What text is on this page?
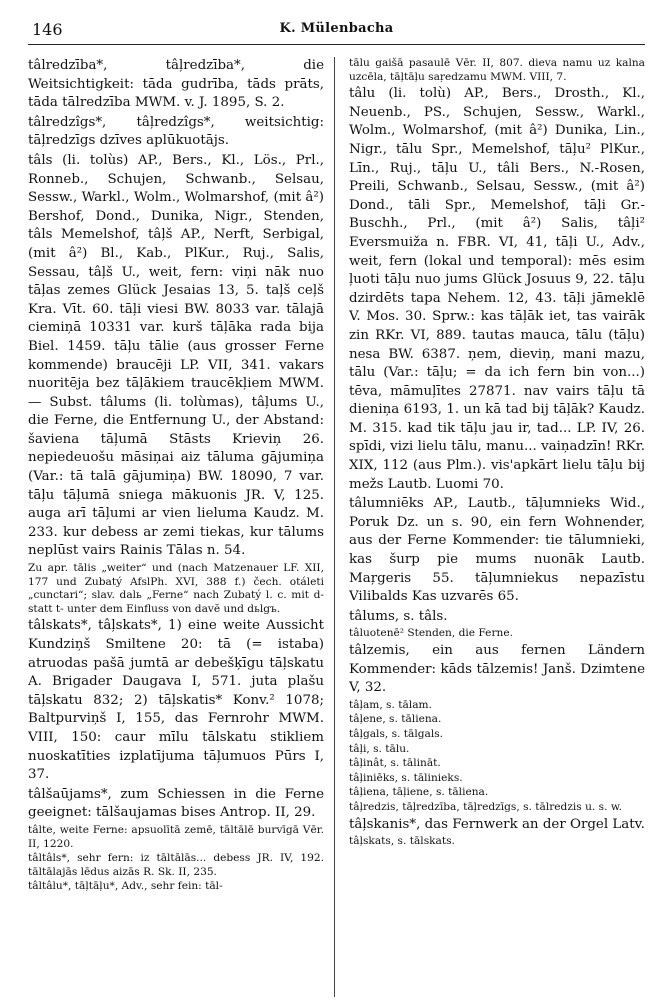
146	K. Mülenbacha

tâlredzība*, tâļredzība*, die Weitsichtigkeit: tāda gudrība, tāds prāts, tāda tālredzība MWM. v. J. 1895, S. 2.

tâlredzîgs*, tâļredzîgs*, weitsichtig: tāļredzīgs dzīves aplūkuotājs.

tâls (li. tolùs) AP., Bers., Kl., Lös., Prl., Ronneb., Schujen, Schwanb., Selsau, Sessw., Warkl., Wolm., Wolmarshof, (mit â²) Bershof, Dond., Dunika, Nigr., Stenden, tâls Memelshof, tâļš AP., Nerft, Serbigal, (mit â²) Bl., Kab., PlKur., Ruj., Salis, Sessau, tâļš U., weit, fern: viņi nāk nuo tāļas zemes Glück Jesaias 13, 5. taļš ceļš Kra. Vīt. 60. tāļi viesi BW. 8033 var. tālajā ciemiņā 10331 var. kurš tāļāka rada bija Biel. 1459. tāļu tālie (aus grosser Ferne kommende) braucēji LP. VII, 341. vakars nuoritēja bez tāļākiem traucēkļiem MWM. — Subst. tâlums (li. tolùmas), tâļums U., die Ferne, die Entfernung U., der Abstand: šaviena tāļumā Stāsts Krieviņ 26. nepiedeuošu māsiņai aiz tāluma gājumiņa (Var.: tā talā gājumiņa) BW. 18090, 7 var. tāļu tāļumā sniega mākuonis JR. V, 125. auga arī tāļumi ar vien lieluma Kaudz. M. 233. kur debess ar zemi tiekas, kur tālums neplūst vairs Rainis Tālas n. 54.

Zu apr. tālis „weiter“ und (nach Matzenauer LF. XII, 177 und Zubatý AfslPh. XVI, 388 f.) čech. otáleti „cunctari“; slav. dalь „Ferne“ nach Zubatý l. c. mit d- statt t- unter dem Einfluss von davĕ und dьlgъ.

tâlskats*, tâļskats*, 1) eine weite Aussicht Kundziņš Smiltene 20: tā (= istaba) atruodas pašā jumtā ar debešķīgu tāļskatu A. Brigader Daugava I, 571. juta plašu tāļskatu 832; 2) tāļskatis* Konv.² 1078; Baltpurviņš I, 155, das Fernrohr MWM. VIII, 150: caur mīlu tālskatu stikliem nuoskatīties izplatījuma tāļumuos Pūrs I, 37.

tâlšaūjams*, zum Schiessen in die Ferne geeignet: tālšaujamas bises Antrop. II, 29.

tâlte, weite Ferne: apsuolītā zemē, tāltālē burvīgā Vēr. II, 1220.

tâltâls*, sehr fern: iz tāltālās... debess JR. IV, 192. tāltālajās lēdus aizās R. Sk. II, 235.

tâltâlu*, tāļtāļu*, Adv., sehr fein: tāl-

tālu gaišā pasaulē Vēr. II, 807. dieva namu uz kalna uzcēla, tāļtāļu saŗedzamu MWM. VIII, 7.

tâlu (li. tolù) AP., Bers., Drosth., Kl., Neuenb., PS., Schujen, Sessw., Warkl., Wolm., Wolmarshof, (mit â²) Dunika, Lin., Nigr., tālu Spr., Memelshof, tāļu² PlKur., Līn., Ruj., tāļu U., tâli Bers., N.-Rosen, Preili, Schwanb., Selsau, Sessw., (mit â²) Dond., tāli Spr., Memelshof, tāļi Gr.-Buschh., Prl., (mit â²) Salis, tâļi² Eversmuiža n. FBR. VI, 41, tāļi U., Adv., weit, fern (lokal und temporal): mēs esim ļuoti tāļu nuo jums Glück Josuus 9, 22. tāļu dzirdēts tapa Nehem. 12, 43. tāļi jāmeklē V. Mos. 30. Sprw.: kas tāļāk iet, tas vairāk zin RKr. VI, 889. tautas mauca, tālu (tāļu) nesa BW. 6387. ņem, dieviņ, mani mazu, tālu (Var.: tāļu; = da ich fern bin von...) tēva, māmuļītes 27871. nav vairs tāļu tā dieniņa 6193, 1. un kā tad bij tāļāk? Kaudz. M. 315. kad tik tāļu jau ir, tad... LP. IV, 26. spīdi, vizi lielu tālu, manu... vaiņadzīn! RKr. XIX, 112 (aus Plm.). vis'apkārt lielu tāļu bij mežs Lautb. Luomi 70.

tâlumniēks AP., Lautb., tāļumnieks Wid., Poruk Dz. un s. 90, ein fern Wohnender, aus der Ferne Kommender: tie tālumnieki, kas šurp pie mums nuonāk Lautb. Maŗgeris 55. tāļumniekus nepazīstu Vilibalds Kas uzvarēs 65.

tâlums, s. tâls.

tâluotenē² Stenden, die Ferne.

tâlzemis, ein aus fernen Ländern Kommender: kāds tālzemis! Janš. Dzimtene V, 32.

tâļam, s. tālam.

tâļene, s. tāliena.

tâļgals, s. tālgals.

tâļi, s. tālu.

tâļinât, s. tālināt.

tâļiniēks, s. tālinieks.

tâļiena, tāļiene, s. tāliena.

tâļredzis, tāļredzība, tāļredzīgs, s. tālredzis u. s. w.

tâļskanis*, das Fernwerk an der Orgel Latv.

tâļskats, s. tālskats.
